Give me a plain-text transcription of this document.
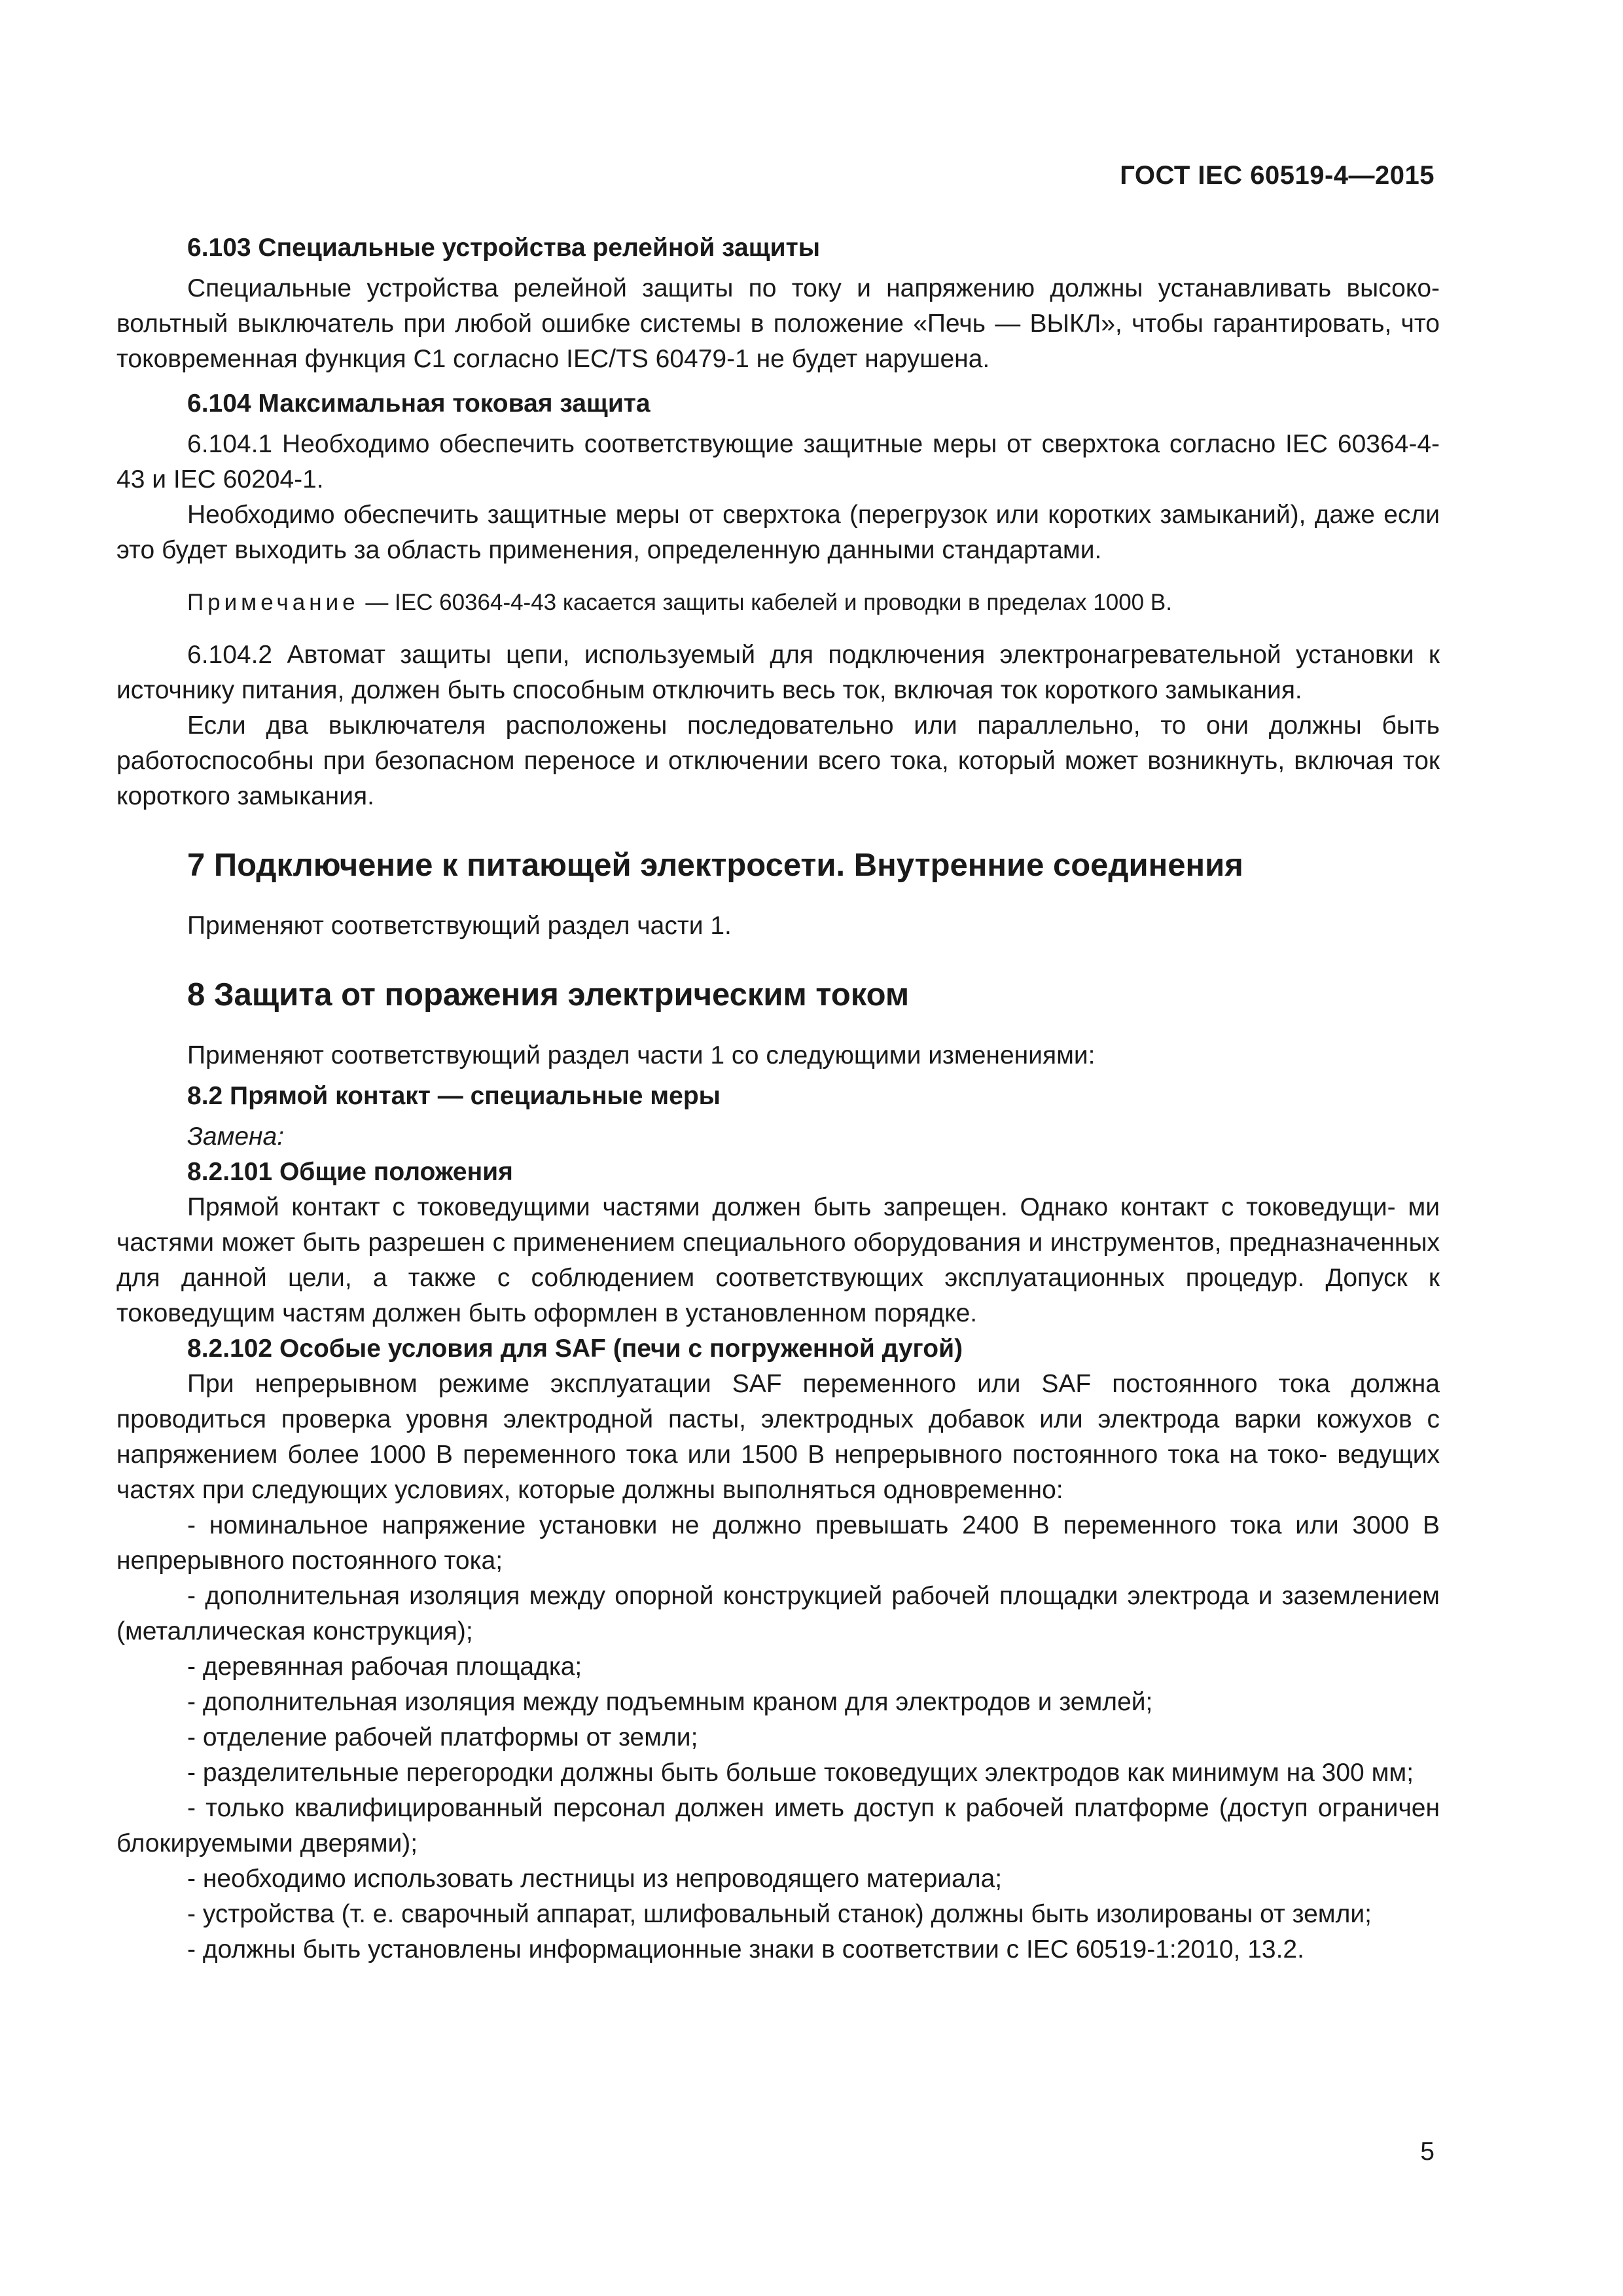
ГОСТ IEC 60519-4—2015

6.103 Специальные устройства релейной защиты

Специальные устройства релейной защиты по току и напряжению должны устанавливать высоко- вольтный выключатель при любой ошибке системы в положение «Печь — ВЫКЛ», чтобы гарантировать, что токовременная функция С1 согласно IEC/TS 60479-1 не будет нарушена.

6.104 Максимальная токовая защита

6.104.1 Необходимо обеспечить соответствующие защитные меры от сверхтока согласно IEC 60364-4-43 и IEC 60204-1.

Необходимо обеспечить защитные меры от сверхтока (перегрузок или коротких замыканий), даже если это будет выходить за область применения, определенную данными стандартами.

Примечание — IEC 60364-4-43 касается защиты кабелей и проводки в пределах 1000 В.

6.104.2 Автомат защиты цепи, используемый для подключения электронагревательной установки к источнику питания, должен быть способным отключить весь ток, включая ток короткого замыкания.

Если два выключателя расположены последовательно или параллельно, то они должны быть работоспособны при безопасном переносе и отключении всего тока, который может возникнуть, включая ток короткого замыкания.

7 Подключение к питающей электросети. Внутренние соединения

Применяют соответствующий раздел части 1.

8 Защита от поражения электрическим током

Применяют соответствующий раздел части 1 со следующими изменениями:

8.2 Прямой контакт — специальные меры

Замена:

8.2.101 Общие положения

Прямой контакт с токоведущими частями должен быть запрещен. Однако контакт с токоведущи- ми частями может быть разрешен с применением специального оборудования и инструментов, предназначенных для данной цели, а также с соблюдением соответствующих эксплуатационных процедур. Допуск к токоведущим частям должен быть оформлен в установленном порядке.

8.2.102 Особые условия для SAF (печи с погруженной дугой)

При непрерывном режиме эксплуатации SAF переменного или SAF постоянного тока должна проводиться проверка уровня электродной пасты, электродных добавок или электрода варки кожухов с напряжением более 1000 В переменного тока или 1500 В непрерывного постоянного тока на токо- ведущих частях при следующих условиях, которые должны выполняться одновременно:

- номинальное напряжение установки не должно превышать 2400 В переменного тока или 3000 В непрерывного постоянного тока;

- дополнительная изоляция между опорной конструкцией рабочей площадки электрода и заземлением (металлическая конструкция);

- деревянная рабочая площадка;

- дополнительная изоляция между подъемным краном для электродов и землей;

- отделение рабочей платформы от земли;

- разделительные перегородки должны быть больше токоведущих электродов как минимум на 300 мм;

- только квалифицированный персонал должен иметь доступ к рабочей платформе (доступ ограничен блокируемыми дверями);

- необходимо использовать лестницы из непроводящего материала;

- устройства (т. е. сварочный аппарат, шлифовальный станок) должны быть изолированы от земли;

- должны быть установлены информационные знаки в соответствии с IEC 60519-1:2010, 13.2.

5
